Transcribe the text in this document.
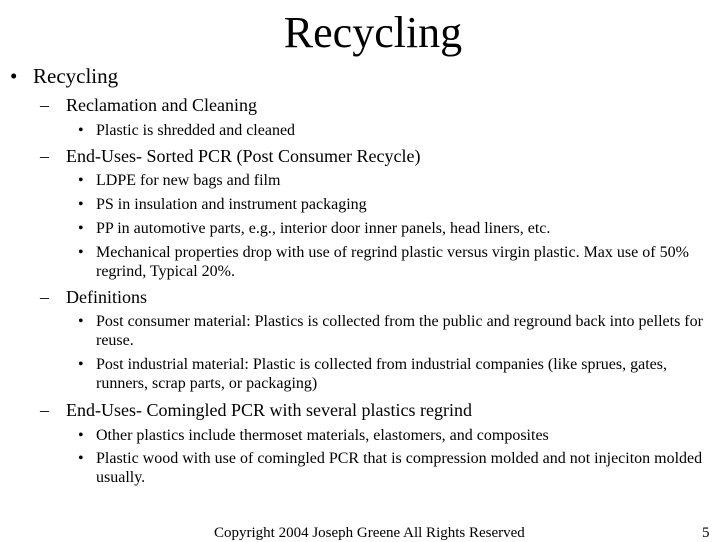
Recycling
• Recycling
– Reclamation and Cleaning
• Plastic is shredded and cleaned
– End-Uses- Sorted PCR (Post Consumer Recycle)
• LDPE for new bags and film
• PS in insulation and instrument packaging
• PP in automotive parts, e.g., interior door inner panels, head liners, etc.
• Mechanical properties drop with use of regrind plastic versus virgin plastic. Max use of 50% regrind, Typical 20%.
– Definitions
• Post consumer material: Plastics is collected from the public and reground back into pellets for reuse.
• Post industrial material: Plastic is collected from industrial companies (like sprues, gates, runners, scrap parts, or packaging)
– End-Uses- Comingled PCR with several plastics regrind
• Other plastics include thermoset materials, elastomers, and composites
• Plastic wood with use of comingled PCR that is compression molded and not injeciton molded usually.
Copyright 2004 Joseph Greene All Rights Reserved	5
